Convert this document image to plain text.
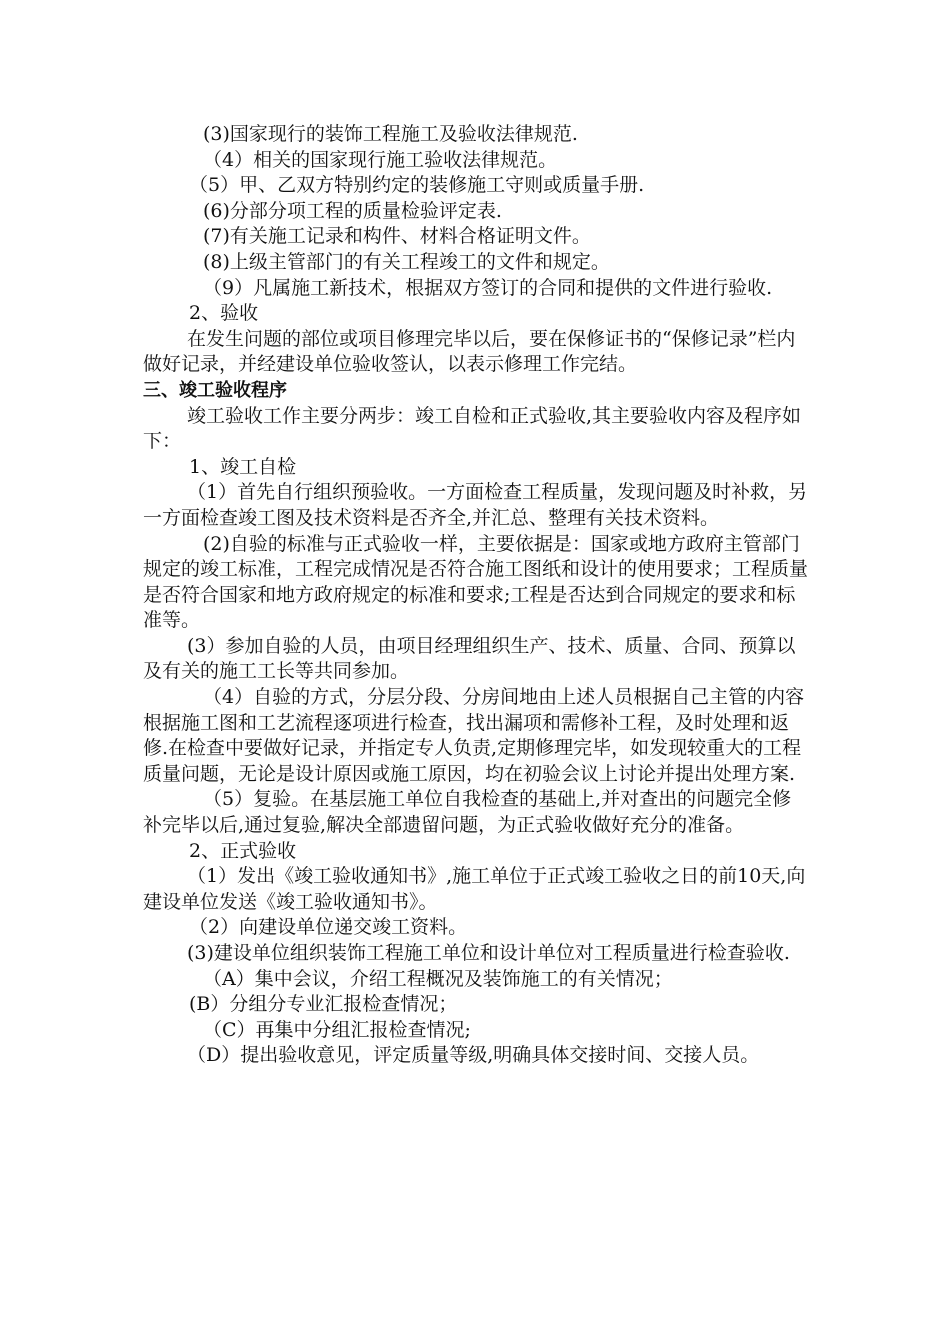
(3)国家现行的装饰工程施工及验收法律规范.

（4）相关的国家现行施工验收法律规范。

（5）甲、乙双方特别约定的装修施工守则或质量手册.

(6)分部分项工程的质量检验评定表.

(7)有关施工记录和构件、材料合格证明文件。

(8)上级主管部门的有关工程竣工的文件和规定。

（9）凡属施工新技术，根据双方签订的合同和提供的文件进行验收.

2、验收

在发生问题的部位或项目修理完毕以后，要在保修证书的“保修记录”栏内做好记录，并经建设单位验收签认，以表示修理工作完结。

三、竣工验收程序

竣工验收工作主要分两步：竣工自检和正式验收,其主要验收内容及程序如下：

1、竣工自检

（1）首先自行组织预验收。一方面检查工程质量，发现问题及时补救，另一方面检查竣工图及技术资料是否齐全,并汇总、整理有关技术资料。

(2)自验的标准与正式验收一样，主要依据是：国家或地方政府主管部门规定的竣工标准，工程完成情况是否符合施工图纸和设计的使用要求；工程质量是否符合国家和地方政府规定的标准和要求;工程是否达到合同规定的要求和标准等。

(3）参加自验的人员，由项目经理组织生产、技术、质量、合同、预算以及有关的施工工长等共同参加。

（4）自验的方式，分层分段、分房间地由上述人员根据自己主管的内容根据施工图和工艺流程逐项进行检查，找出漏项和需修补工程，及时处理和返修.在检查中要做好记录，并指定专人负责,定期修理完毕，如发现较重大的工程质量问题，无论是设计原因或施工原因，均在初验会议上讨论并提出处理方案.

（5）复验。在基层施工单位自我检查的基础上,并对查出的问题完全修补完毕以后,通过复验,解决全部遗留问题，为正式验收做好充分的准备。

2、正式验收

（1）发出《竣工验收通知书》,施工单位于正式竣工验收之日的前10天,向建设单位发送《竣工验收通知书》。

（2）向建设单位递交竣工资料。

(3)建设单位组织装饰工程施工单位和设计单位对工程质量进行检查验收.

（A）集中会议，介绍工程概况及装饰施工的有关情况；

(B）分组分专业汇报检查情况；

（C）再集中分组汇报检查情况;

（D）提出验收意见，评定质量等级,明确具体交接时间、交接人员。
